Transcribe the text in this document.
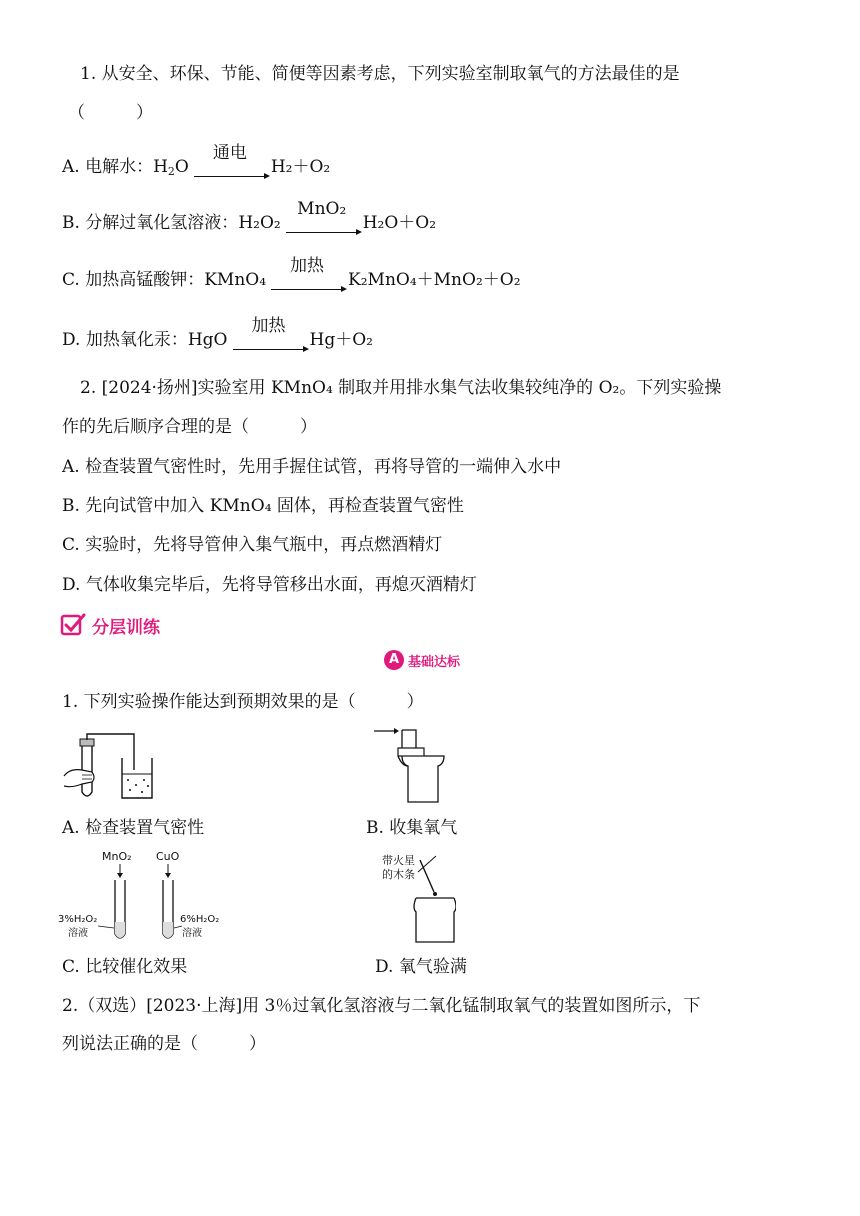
1. 从安全、环保、节能、简便等因素考虑，下列实验室制取氧气的方法最佳的是
（　　　）
A. 电解水：$H_2O$
通电
H₂＋O₂
B. 分解过氧化氢溶液：H₂O₂
MnO₂
H₂O＋O₂
C. 加热高锰酸钾：KMnO₄
加热
K₂MnO₄＋MnO₂＋O₂
D. 加热氧化汞：HgO
加热
Hg＋O₂
2. [2024·扬州]实验室用 KMnO₄ 制取并用排水集气法收集较纯净的 O₂。下列实验操
作的先后顺序合理的是（　　　）
A. 检查装置气密性时，先用手握住试管，再将导管的一端伸入水中
B. 先向试管中加入 KMnO₄ 固体，再检查装置气密性
C. 实验时，先将导管伸入集气瓶中，再点燃酒精灯
D. 气体收集完毕后，先将导管移出水面，再熄灭酒精灯
分层训练
A 基础达标
1. 下列实验操作能达到预期效果的是（　　　）
A. 检查装置气密性	B. 收集氧气
MnO₂ CuO
3%H₂O₂
溶液
6%H₂O₂
溶液
带火星
的木条
C. 比较催化效果	D. 氧气验满
2.（双选）[2023·上海]用 3％过氧化氢溶液与二氧化锰制取氧气的装置如图所示，下
列说法正确的是（　　　）
